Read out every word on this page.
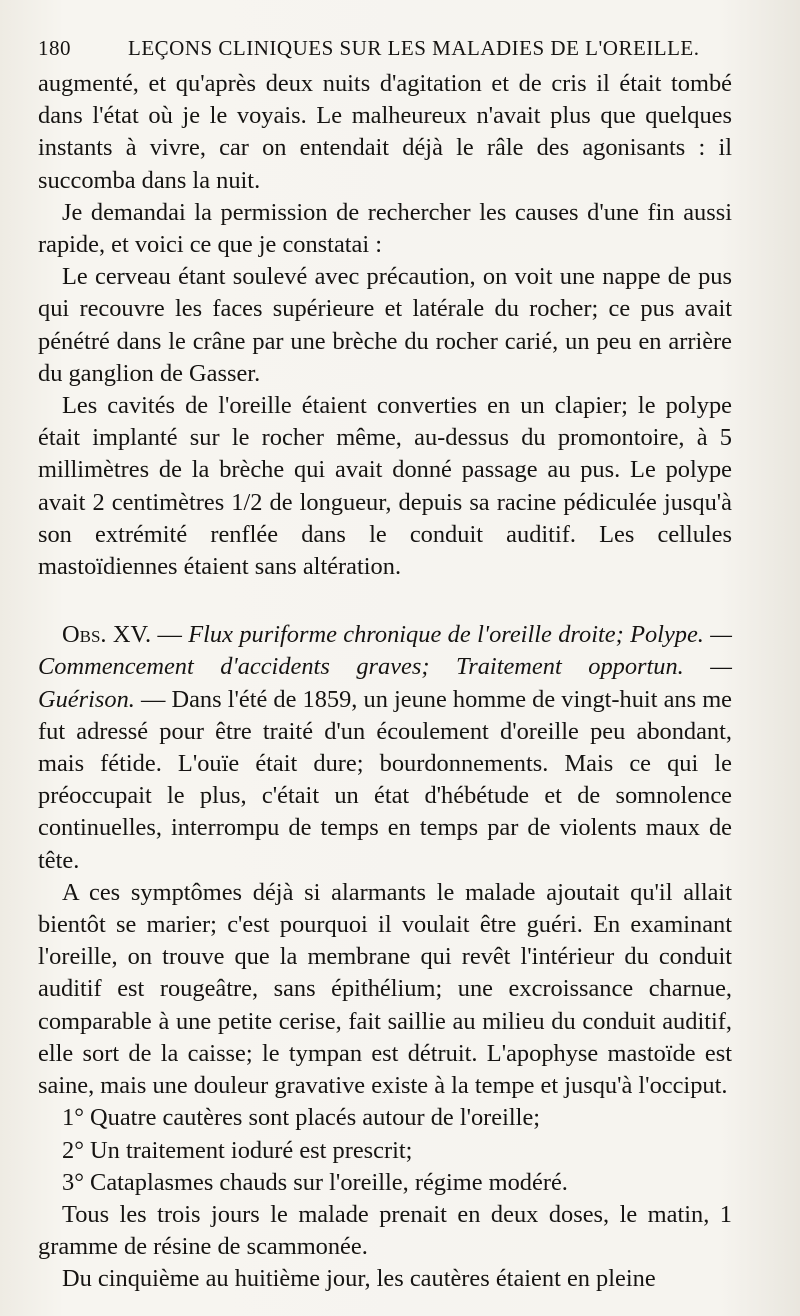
180	LEÇONS CLINIQUES SUR LES MALADIES DE L'OREILLE.

augmenté, et qu'après deux nuits d'agitation et de cris il était tombé dans l'état où je le voyais. Le malheureux n'avait plus que quelques instants à vivre, car on entendait déjà le râle des agonisants : il succomba dans la nuit.

Je demandai la permission de rechercher les causes d'une fin aussi rapide, et voici ce que je constatai :

Le cerveau étant soulevé avec précaution, on voit une nappe de pus qui recouvre les faces supérieure et latérale du rocher; ce pus avait pénétré dans le crâne par une brèche du rocher carié, un peu en arrière du ganglion de Gasser.

Les cavités de l'oreille étaient converties en un clapier; le polype était implanté sur le rocher même, au-dessus du promontoire, à 5 millimètres de la brèche qui avait donné passage au pus. Le polype avait 2 centimètres 1/2 de longueur, depuis sa racine pédiculée jusqu'à son extrémité renflée dans le conduit auditif. Les cellules mastoïdiennes étaient sans altération.

Obs. XV. — Flux puriforme chronique de l'oreille droite; Polype. — Commencement d'accidents graves; Traitement opportun. — Guérison. — Dans l'été de 1859, un jeune homme de vingt-huit ans me fut adressé pour être traité d'un écoulement d'oreille peu abondant, mais fétide. L'ouïe était dure; bourdonnements. Mais ce qui le préoccupait le plus, c'était un état d'hébétude et de somnolence continuelles, interrompu de temps en temps par de violents maux de tête.

A ces symptômes déjà si alarmants le malade ajoutait qu'il allait bientôt se marier; c'est pourquoi il voulait être guéri. En examinant l'oreille, on trouve que la membrane qui revêt l'intérieur du conduit auditif est rougeâtre, sans épithélium; une excroissance charnue, comparable à une petite cerise, fait saillie au milieu du conduit auditif, elle sort de la caisse; le tympan est détruit. L'apophyse mastoïde est saine, mais une douleur gravative existe à la tempe et jusqu'à l'occiput.

1° Quatre cautères sont placés autour de l'oreille;

2° Un traitement ioduré est prescrit;

3° Cataplasmes chauds sur l'oreille, régime modéré.

Tous les trois jours le malade prenait en deux doses, le matin, 1 gramme de résine de scammonée.

Du cinquième au huitième jour, les cautères étaient en pleine
